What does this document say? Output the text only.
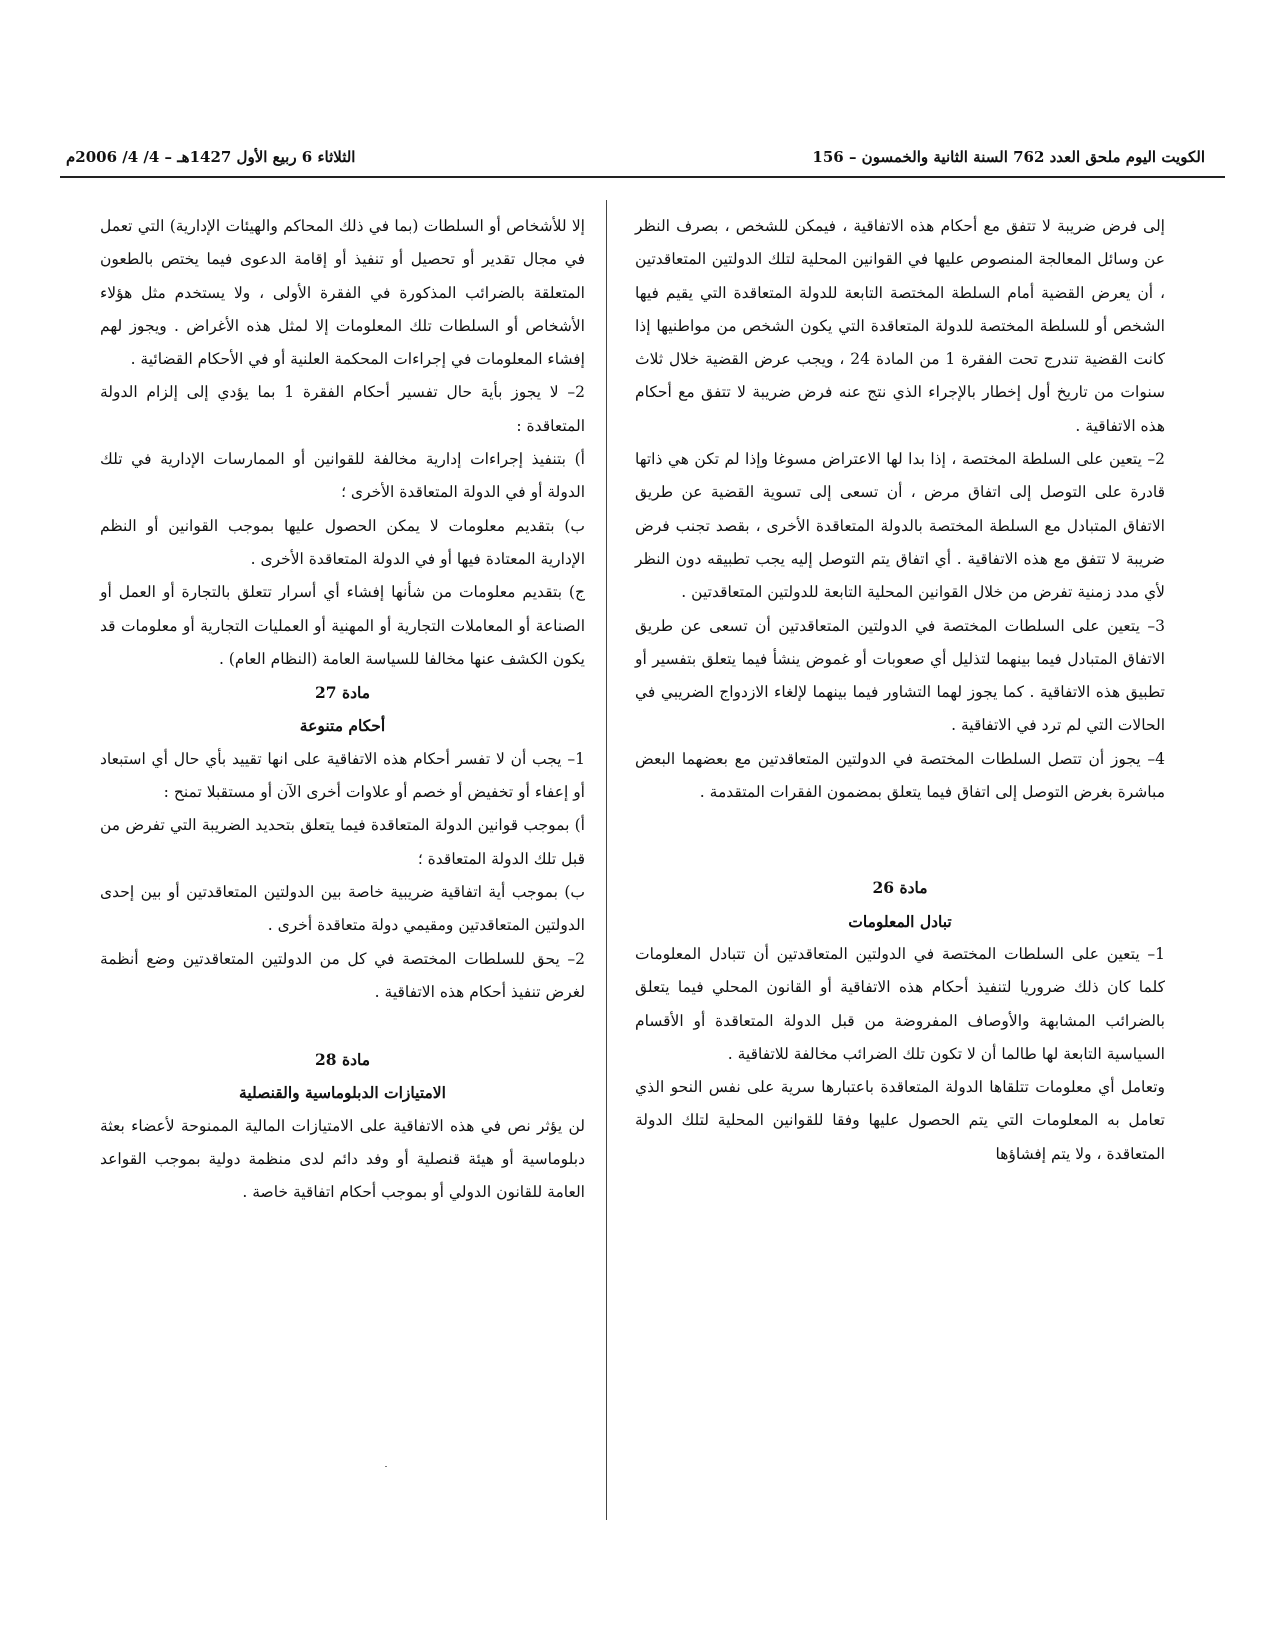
الكويت اليوم ملحق العدد 762 السنة الثانية والخمسون – 156
الثلاثاء 6 ربيع الأول 1427هـ – 4/ 4/ 2006م

إلى فرض ضريبة لا تتفق مع أحكام هذه الاتفاقية ، فيمكن للشخص ، بصرف النظر عن وسائل المعالجة المنصوص عليها في القوانين المحلية لتلك الدولتين المتعاقدتين ، أن يعرض القضية أمام السلطة المختصة التابعة للدولة المتعاقدة التي يقيم فيها الشخص أو للسلطة المختصة للدولة المتعاقدة التي يكون الشخص من مواطنيها إذا كانت القضية تندرج تحت الفقرة 1 من المادة 24 ، ويجب عرض القضية خلال ثلاث سنوات من تاريخ أول إخطار بالإجراء الذي نتج عنه فرض ضريبة لا تتفق مع أحكام هذه الاتفاقية .

2– يتعين على السلطة المختصة ، إذا بدا لها الاعتراض مسوغا وإذا لم تكن هي ذاتها قادرة على التوصل إلى اتفاق مرض ، أن تسعى إلى تسوية القضية عن طريق الاتفاق المتبادل مع السلطة المختصة بالدولة المتعاقدة الأخرى ، بقصد تجنب فرض ضريبة لا تتفق مع هذه الاتفاقية . أي اتفاق يتم التوصل إليه يجب تطبيقه دون النظر لأي مدد زمنية تفرض من خلال القوانين المحلية التابعة للدولتين المتعاقدتين .

3– يتعين على السلطات المختصة في الدولتين المتعاقدتين أن تسعى عن طريق الاتفاق المتبادل فيما بينهما لتذليل أي صعوبات أو غموض ينشأ فيما يتعلق بتفسير أو تطبيق هذه الاتفاقية . كما يجوز لهما التشاور فيما بينهما لإلغاء الازدواج الضريبي في الحالات التي لم ترد في الاتفاقية .

4– يجوز أن تتصل السلطات المختصة في الدولتين المتعاقدتين مع بعضهما البعض مباشرة بغرض التوصل إلى اتفاق فيما يتعلق بمضمون الفقرات المتقدمة .

مادة 26

تبادل المعلومات

1– يتعين على السلطات المختصة في الدولتين المتعاقدتين أن تتبادل المعلومات كلما كان ذلك ضروريا لتنفيذ أحكام هذه الاتفاقية أو القانون المحلي فيما يتعلق بالضرائب المشابهة والأوصاف المفروضة من قبل الدولة المتعاقدة أو الأقسام السياسية التابعة لها طالما أن لا تكون تلك الضرائب مخالفة للاتفاقية .

وتعامل أي معلومات تتلقاها الدولة المتعاقدة باعتبارها سرية على نفس النحو الذي تعامل به المعلومات التي يتم الحصول عليها وفقا للقوانين المحلية لتلك الدولة المتعاقدة ، ولا يتم إفشاؤها

إلا للأشخاص أو السلطات (بما في ذلك المحاكم والهيئات الإدارية) التي تعمل في مجال تقدير أو تحصيل أو تنفيذ أو إقامة الدعوى فيما يختص بالطعون المتعلقة بالضرائب المذكورة في الفقرة الأولى ، ولا يستخدم مثل هؤلاء الأشخاص أو السلطات تلك المعلومات إلا لمثل هذه الأغراض . ويجوز لهم إفشاء المعلومات في إجراءات المحكمة العلنية أو في الأحكام القضائية .

2– لا يجوز بأية حال تفسير أحكام الفقرة 1 بما يؤدي إلى إلزام الدولة المتعاقدة :

أ) بتنفيذ إجراءات إدارية مخالفة للقوانين أو الممارسات الإدارية في تلك الدولة أو في الدولة المتعاقدة الأخرى ؛

ب) بتقديم معلومات لا يمكن الحصول عليها بموجب القوانين أو النظم الإدارية المعتادة فيها أو في الدولة المتعاقدة الأخرى .

ج) بتقديم معلومات من شأنها إفشاء أي أسرار تتعلق بالتجارة أو العمل أو الصناعة أو المعاملات التجارية أو المهنية أو العمليات التجارية أو معلومات قد يكون الكشف عنها مخالفا للسياسة العامة (النظام العام) .

مادة 27

أحكام متنوعة

1– يجب أن لا تفسر أحكام هذه الاتفاقية على انها تقييد بأي حال أي استبعاد أو إعفاء أو تخفيض أو خصم أو علاوات أخرى الآن أو مستقبلا تمنح :

أ) بموجب قوانين الدولة المتعاقدة فيما يتعلق بتحديد الضريبة التي تفرض من قبل تلك الدولة المتعاقدة ؛

ب) بموجب أية اتفاقية ضريبية خاصة بين الدولتين المتعاقدتين أو بين إحدى الدولتين المتعاقدتين ومقيمي دولة متعاقدة أخرى .

2– يحق للسلطات المختصة في كل من الدولتين المتعاقدتين وضع أنظمة لغرض تنفيذ أحكام هذه الاتفاقية .

مادة 28

الامتيازات الدبلوماسية والقنصلية

لن يؤثر نص في هذه الاتفاقية على الامتيازات المالية الممنوحة لأعضاء بعثة دبلوماسية أو هيئة قنصلية أو وفد دائم لدى منظمة دولية بموجب القواعد العامة للقانون الدولي أو بموجب أحكام اتفاقية خاصة .
